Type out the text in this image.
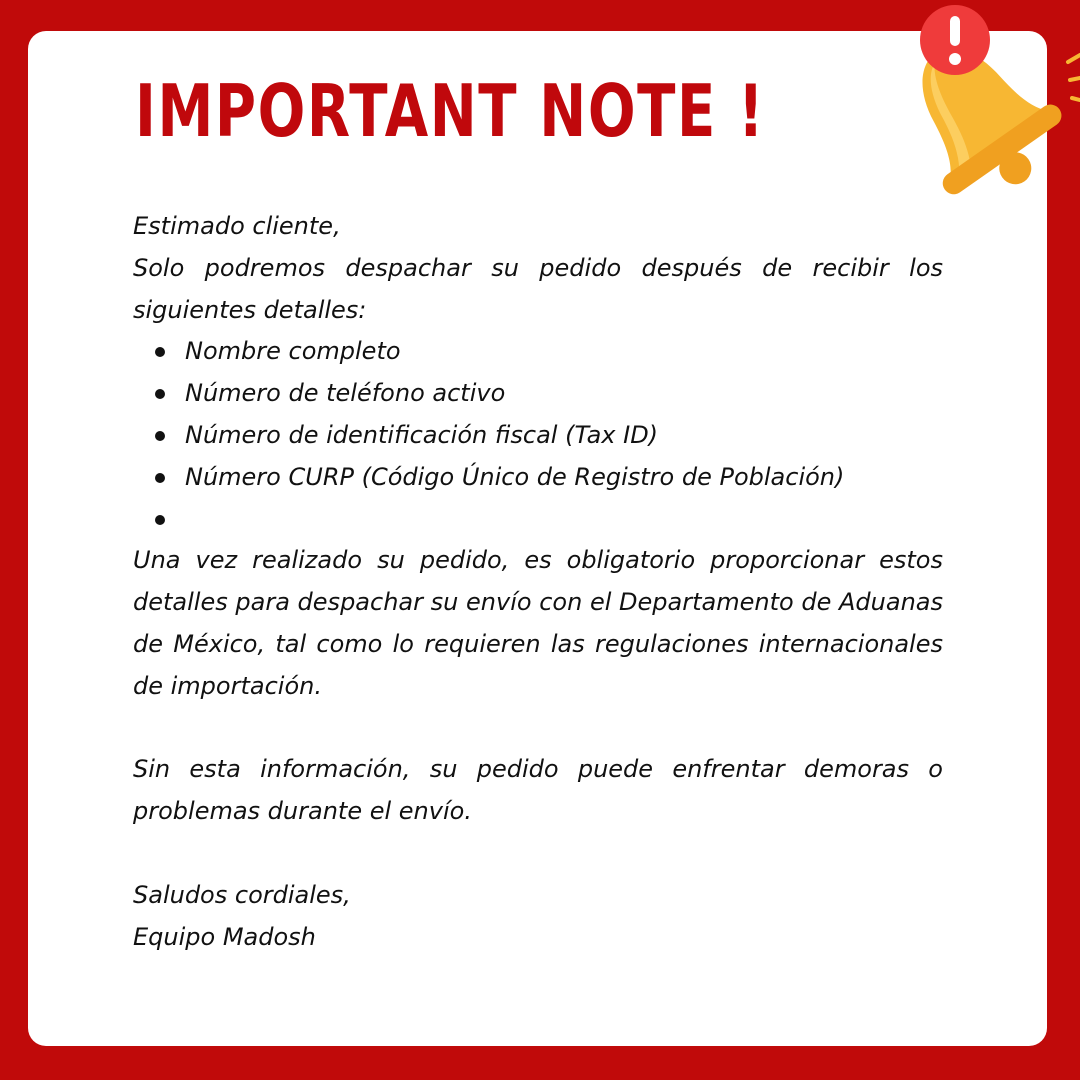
IMPORTANT NOTE !

Estimado cliente,

Solo podremos despachar su pedido después de recibir los siguientes detalles:

Nombre completo
Número de teléfono activo
Número de identificación fiscal (Tax ID)
Número CURP (Código Único de Registro de Población)

Una vez realizado su pedido, es obligatorio proporcionar estos detalles para despachar su envío con el Departamento de Aduanas de México, tal como lo requieren las regulaciones internacionales de importación.

Sin esta información, su pedido puede enfrentar demoras o problemas durante el envío.

Saludos cordiales,

Equipo Madosh
